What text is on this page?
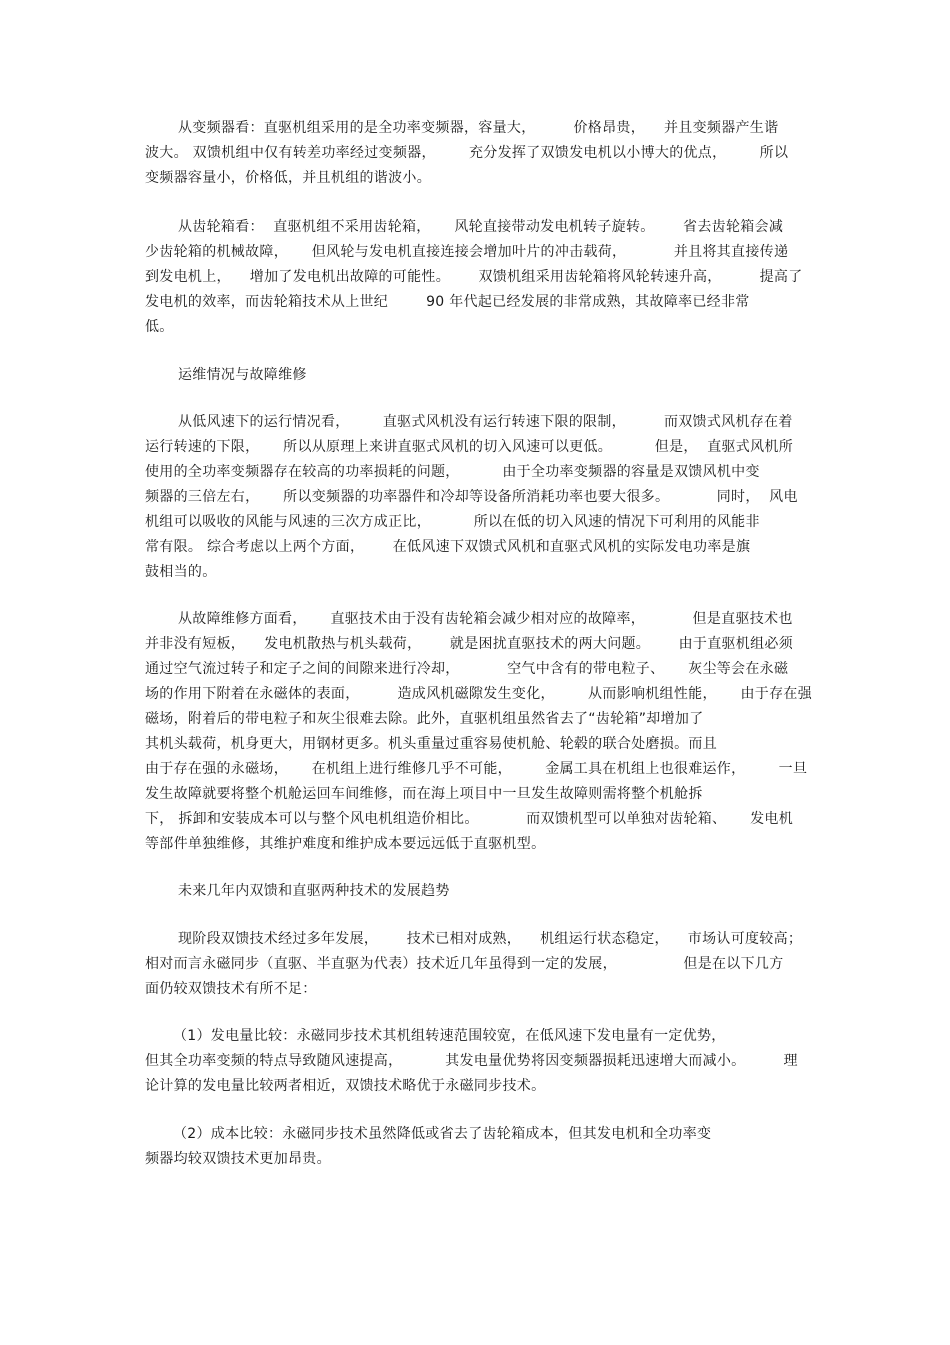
从变频器看：直驱机组采用的是全功率变频器，容量大，        价格昂贵，    并且变频器产生谐
波大。 双馈机组中仅有转差功率经过变频器，       充分发挥了双馈发电机以小博大的优点，       所以
变频器容量小，价格低，并且机组的谐波小。
从齿轮箱看：  直驱机组不采用齿轮箱，     风轮直接带动发电机转子旋转。      省去齿轮箱会减
少齿轮箱的机械故障，     但风轮与发电机直接连接会增加叶片的冲击载荷，          并且将其直接传递
到发电机上，    增加了发电机出故障的可能性。      双馈机组采用齿轮箱将风轮转速升高，        提高了
发电机的效率，而齿轮箱技术从上世纪        90 年代起已经发展的非常成熟，其故障率已经非常
低。
运维情况与故障维修
从低风速下的运行情况看，       直驱式风机没有运行转速下限的限制，        而双馈式风机存在着
运行转速的下限，     所以从原理上来讲直驱式风机的切入风速可以更低。         但是，  直驱式风机所
使用的全功率变频器存在较高的功率损耗的问题，         由于全功率变频器的容量是双馈风机中变
频器的三倍左右，     所以变频器的功率器件和冷却等设备所消耗功率也要大很多。          同时，  风电
机组可以吸收的风能与风速的三次方成正比，         所以在低的切入风速的情况下可利用的风能非
常有限。 综合考虑以上两个方面，      在低风速下双馈式风机和直驱式风机的实际发电功率是旗
鼓相当的。
从故障维修方面看，     直驱技术由于没有齿轮箱会减少相对应的故障率，          但是直驱技术也
并非没有短板，    发电机散热与机头载荷，      就是困扰直驱技术的两大问题。      由于直驱机组必须
通过空气流过转子和定子之间的间隙来进行冷却，          空气中含有的带电粒子、     灰尘等会在永磁
场的作用下附着在永磁体的表面，        造成风机磁隙发生变化，       从而影响机组性能，     由于存在强
磁场，附着后的带电粒子和灰尘很难去除。此外，直驱机组虽然省去了“齿轮箱”却增加了
其机头载荷，机身更大，用钢材更多。机头重量过重容易使机舱、轮毂的联合处磨损。而且
由于存在强的永磁场，     在机组上进行维修几乎不可能，       金属工具在机组上也很难运作，       一旦
发生故障就要将整个机舱运回车间维修，而在海上项目中一旦发生故障则需将整个机舱拆
下， 拆卸和安装成本可以与整个风电机组造价相比。          而双馈机型可以单独对齿轮箱、     发电机
等部件单独维修，其维护难度和维护成本要远远低于直驱机型。
未来几年内双馈和直驱两种技术的发展趋势
现阶段双馈技术经过多年发展，      技术已相对成熟，    机组运行状态稳定，    市场认可度较高；
相对而言永磁同步（直驱、半直驱为代表）技术近几年虽得到一定的发展，              但是在以下几方
面仍较双馈技术有所不足：
（1）发电量比较：永磁同步技术其机组转速范围较宽，在低风速下发电量有一定优势，
但其全功率变频的特点导致随风速提高，         其发电量优势将因变频器损耗迅速增大而减小。        理
论计算的发电量比较两者相近，双馈技术略优于永磁同步技术。
（2）成本比较：永磁同步技术虽然降低或省去了齿轮箱成本，但其发电机和全功率变
频器均较双馈技术更加昂贵。
